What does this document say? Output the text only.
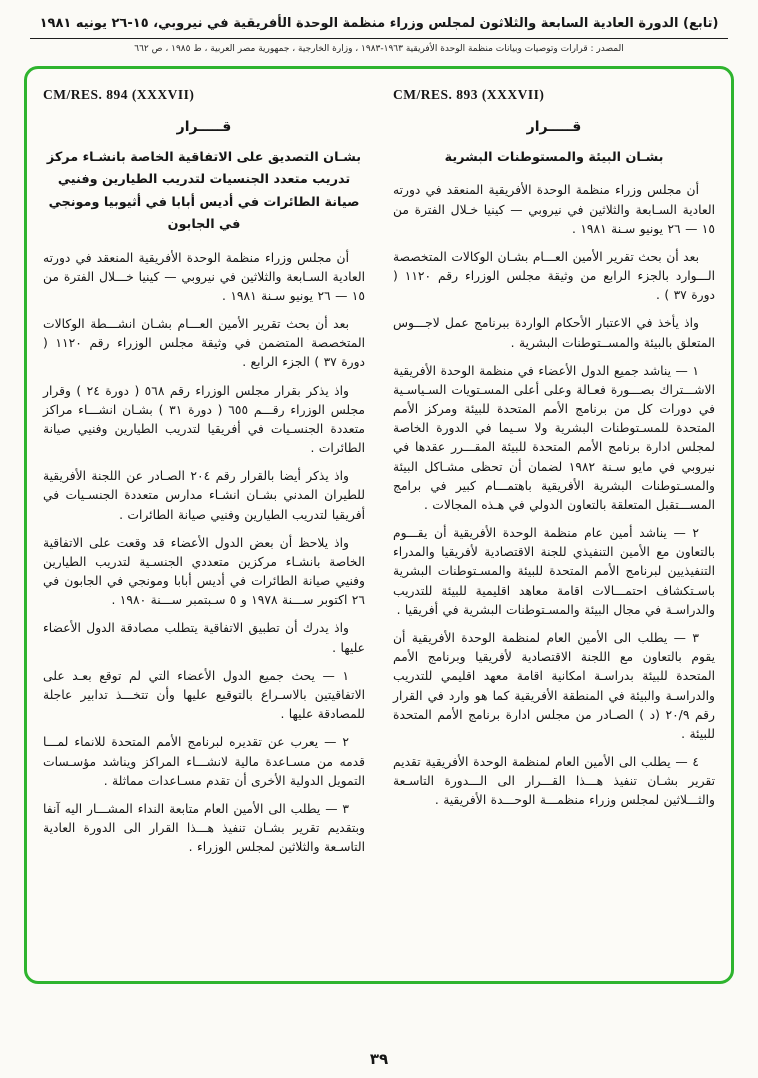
(تابع) الدورة العادية السابعة والثلاثون لمجلس وزراء منظمة الوحدة الأفريقية في نيروبي، ١٥-٢٦ يونيه ١٩٨١
المصدر : قرارات وتوصيات وبيانات منظمة الوحدة الأفريقية ١٩٦٣-١٩٨٣ ، وزارة الخارجية ، جمهورية مصر العربية ، ط ١٩٨٥ ، ص ٦٦٢
CM/RES. 893 (XXXVII)
قـــــرار
بشـان البيئة والمستوطنات البشرية

أن مجلس وزراء منظمة الوحدة الأفريقية المنعقد في دورته العادية السـابعة والثلاثين في نيروبي — كينيا خـلال الفترة من ١٥ — ٢٦ يونيو سـنة ١٩٨١ .

بعد أن بحث تقرير الأمين العـــام بشـان الوكالات المتخصصة الـــوارد بالجزء الرابع من وثيقة مجلس الوزراء رقم ١١٢٠ ( دورة ٣٧ ) .

واذ يأخذ في الاعتبار الأحكام الواردة ببرنامج عمل لاجـــوس المتعلق بالبيئة والمســتوطنات البشرية .

١ — يناشد جميع الدول الأعضاء في منظمة الوحدة الأفريقية الاشـــتراك بصـــورة فعـالة وعلى أعلى المسـتويات السـياسـية في دورات كل من برنامج الأمم المتحدة للبيئة ومركز الأمم المتحدة للمسـتوطنات البشرية ولا سـيما في الدورة الخاصة لمجلس ادارة برنامج الأمم المتحدة للبيئة المقـــرر عقدها في نيروبي في مايو سـنة ١٩٨٢ لضمان أن تحظى مشـاكل البيئة والمسـتوطنات البشرية الأفريقية باهتمـــام كبير في برامج المســـتقبل المتعلقة بالتعاون الدولي في هـذه المجالات .

٢ — يناشد أمين عام منظمة الوحدة الأفريقية أن يقـــوم بالتعاون مع الأمين التنفيذي للجنة الاقتصادية لأفريقيا والمدراء التنفيذيين لبرنامج الأمم المتحدة للبيئة والمسـتوطنات البشرية باسـتكشاف احتمـــالات اقامة معاهد اقليمية للبيئة للتدريب والدراسـة في مجال البيئة والمسـتوطنات البشرية في أفريقيا .

٣ — يطلب الى الأمين العام لمنظمة الوحدة الأفريقية أن يقوم بالتعاون مع اللجنة الاقتصادية لأفريقيا وبرنامج الأمم المتحدة للبيئة بدراسـة امكانية اقامة معهد اقليمي للتدريب والدراسـة والبيئة في المنطقة الأفريقية كما هو وارد في القرار رقم ٢٠/٩ (د ) الصـادر من مجلس ادارة برنامج الأمم المتحدة للبيئة .

٤ — يطلب الى الأمين العام لمنظمة الوحدة الأفريقية تقديم تقرير بشـان تنفيذ هـــذا القـــرار الى الـــدورة التاسـعة والثـــلاثين لمجلس وزراء منظمـــة الوحـــدة الأفريقية .

CM/RES. 894 (XXXVII)
قـــــرار
بشـان التصديق على الاتفاقية الخاصة بانشـاء مركز تدريب متعدد الجنسيات لتدريب الطيارين وفنيي صيانة الطائرات في أديس أبابا في أثيوبيا ومونجي في الجابون

أن مجلس وزراء منظمة الوحدة الأفريقية المنعقد في دورته العادية السـابعة والثلاثين في نيروبي — كينيا خـــلال الفترة من ١٥ — ٢٦ يونيو سـنة ١٩٨١ .

بعد أن بحث تقرير الأمين العـــام بشـان انشـــطة الوكالات المتخصصة المتضمن في وثيقة مجلس الوزراء رقم ١١٢٠ ( دورة ٣٧ ) الجزء الرابع .

واذ يذكر بقرار مجلس الوزراء رقم ٥٦٨ ( دورة ٢٤ ) وقرار مجلس الوزراء رقـــم ٦٥٥ ( دورة ٣١ ) بشـان انشـــاء مراكز متعددة الجنسـيات في أفريقيا لتدريب الطيارين وفنيي صيانة الطائرات .

واذ يذكر أيضا بالقرار رقم ٢٠٤ الصـادر عن اللجنة الأفريقية للطيران المدني بشـان انشـاء مدارس متعددة الجنسـيات في أفريقيا لتدريب الطيارين وفنيي صيانة الطائرات .

واذ يلاحظ أن بعض الدول الأعضاء قد وقعت على الاتفاقية الخاصة بانشـاء مركزين متعددي الجنسـية لتدريب الطيارين وفنيي صيانة الطائرات في أديس أبابا ومونجي في الجابون في ٢٦ اكتوبر ســـنة ١٩٧٨ و ٥ سـبتمبر ســـنة ١٩٨٠ .

واذ يدرك أن تطبيق الاتفاقية يتطلب مصادقة الدول الأعضاء عليها .

١ — يحث جميع الدول الأعضاء التي لم توقع بعـد على الاتفاقيتين بالاسـراع بالتوقيع عليها وأن تتخـــذ تدابير عاجلة للمصادقة عليها .

٢ — يعرب عن تقديره لبرنامج الأمم المتحدة للانماء لمـــا قدمه من مسـاعدة مالية لانشـــاء المراكز ويناشد مؤسـسات التمويل الدولية الأخرى أن تقدم مسـاعدات مماثلة .

٣ — يطلب الى الأمين العام متابعة النداء المشـــار اليه آنفا وبتقديم تقرير بشـان تنفيذ هـــذا القرار الى الدورة العادية التاسـعة والثلاثين لمجلس الوزراء .

٣٩
